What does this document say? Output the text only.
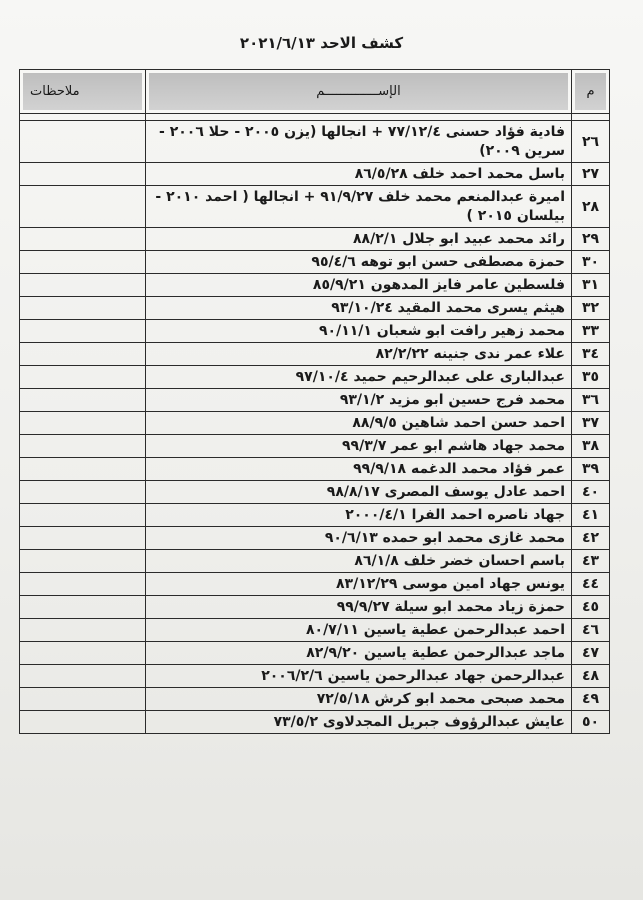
كشف الاحد ٢٠٢١/٦/١٣
م	الإســــــــــــــم	ملاحظات

٢٦	فادية فؤاد حسنى ٧٧/١٢/٤ + انجالها (يزن ٢٠٠٥ - حلا ٢٠٠٦ - سرين ٢٠٠٩)	
٢٧	باسل محمد احمد خلف ٨٦/٥/٢٨	
٢٨	اميرة عبدالمنعم محمد خلف ٩١/٩/٢٧ + انجالها ( احمد ٢٠١٠ - بيلسان ٢٠١٥ )	
٢٩	رائد محمد عبيد ابو جلال ٨٨/٢/١	
٣٠	حمزة مصطفى حسن ابو توهه ٩٥/٤/٦	
٣١	فلسطين عامر فايز المدهون ٨٥/٩/٢١	
٣٢	هيثم يسرى محمد المقيد ٩٣/١٠/٢٤	
٣٣	محمد زهير رافت ابو شعبان ٩٠/١١/١	
٣٤	علاء عمر ندى جنينه ٨٢/٢/٢٢	
٣٥	عبدالبارى على عبدالرحيم حميد ٩٧/١٠/٤	
٣٦	محمد فرج حسين ابو مزيد ٩٣/١/٢	
٣٧	احمد حسن احمد شاهين ٨٨/٩/٥	
٣٨	محمد جهاد هاشم ابو عمر ٩٩/٣/٧	
٣٩	عمر فؤاد محمد الدغمه ٩٩/٩/١٨	
٤٠	احمد عادل يوسف المصرى ٩٨/٨/١٧	
٤١	جهاد ناصره احمد الفرا ٢٠٠٠/٤/١	
٤٢	محمد غازى محمد ابو حمده ٩٠/٦/١٣	
٤٣	باسم احسان خضر خلف ٨٦/١/٨	
٤٤	يونس جهاد امين موسى ٨٣/١٢/٢٩	
٤٥	حمزة زياد محمد ابو سيلة ٩٩/٩/٢٧	
٤٦	احمد عبدالرحمن عطية ياسين ٨٠/٧/١١	
٤٧	ماجد عبدالرحمن عطية ياسين ٨٢/٩/٢٠	
٤٨	عبدالرحمن جهاد عبدالرحمن ياسين ٢٠٠٦/٢/٦	
٤٩	محمد صبحى محمد ابو كرش ٧٢/٥/١٨	
٥٠	عايش عبدالرؤوف جبريل المجدلاوى ٧٣/٥/٢	
